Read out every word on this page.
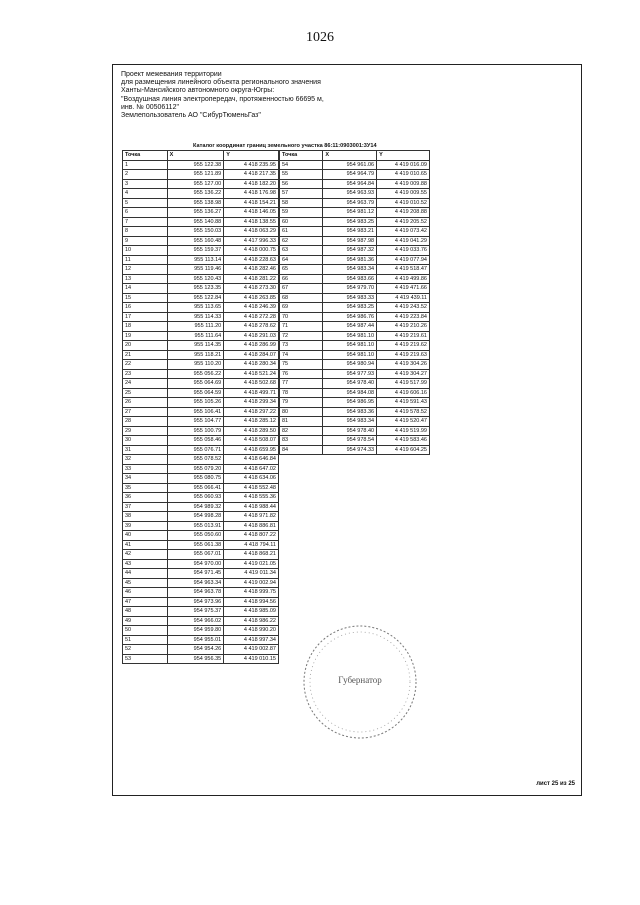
1026
Проект межевания территории
для размещения линейного объекта регионального значения
Ханты-Мансийского автономного округа-Югры:
"Воздушная линия электропередач, протяженностью 66695 м,
инв. № 00506112"
Землепользователь АО "СибурТюменьГаз"
Каталог координат границ земельного участка 86:11:0903001:3У14
Точка	X	Y
1	955 122.38	4 418 235.95
2	955 121.89	4 418 217.35
3	955 127.00	4 418 182.20
4	955 136.22	4 418 176.98
5	955 138.98	4 418 154.21
6	955 136.27	4 418 146.05
7	955 140.88	4 418 138.55
8	955 150.03	4 418 063.29
9	955 160.48	4 417 996.33
10	955 159.37	4 418 000.75
11	955 113.14	4 418 228.63
12	955 119.46	4 418 282.46
13	955 120.43	4 418 281.22
14	955 123.35	4 418 273.30
15	955 122.84	4 418 263.85
16	955 113.65	4 418 246.39
17	955 114.33	4 418 272.28
18	955 111.20	4 418 278.62
19	955 111.64	4 418 291.03
20	955 114.35	4 418 286.99
21	955 118.21	4 418 284.07
22	955 110.20	4 418 280.34
23	955 056.22	4 418 521.24
24	955 064.69	4 418 502.68
25	955 064.59	4 418 499.71
26	955 105.26	4 418 299.34
27	955 106.41	4 418 297.22
28	955 104.77	4 418 285.12
29	955 100.79	4 418 289.50
30	955 058.46	4 418 508.07
31	955 076.71	4 418 659.95
32	955 078.52	4 418 646.84
33	955 079.20	4 418 647.02
34	955 080.75	4 418 634.06
35	955 066.41	4 418 552.48
36	955 060.93	4 418 555.36
37	954 989.32	4 418 988.44
38	954 998.28	4 418 971.82
39	955 013.91	4 418 886.81
40	955 050.60	4 418 807.22
41	955 061.38	4 418 794.11
42	955 067.01	4 418 868.21
43	954 970.00	4 419 021.05
44	954 971.45	4 419 011.34
45	954 963.34	4 419 002.94
46	954 963.78	4 418 999.75
47	954 973.96	4 418 994.56
48	954 975.37	4 418 985.09
49	954 966.02	4 418 986.22
50	954 959.80	4 418 990.20
51	954 955.01	4 418 997.34
52	954 954.26	4 419 002.87
53	954 956.35	4 419 010.15
Точка	X	Y
54	954 961.06	4 419 016.09
55	954 964.79	4 419 010.65
56	954 964.84	4 419 009.88
57	954 963.93	4 419 009.55
58	954 963.79	4 419 010.52
59	954 981.12	4 419 208.88
60	954 983.25	4 419 205.52
61	954 983.21	4 419 073.42
62	954 987.98	4 419 041.29
63	954 987.32	4 419 033.76
64	954 981.36	4 419 077.94
65	954 983.34	4 419 518.47
66	954 983.66	4 419 499.86
67	954 979.70	4 419 471.66
68	954 983.33	4 419 439.11
69	954 983.25	4 419 243.52
70	954 986.76	4 419 223.84
71	954 987.44	4 419 210.26
72	954 981.10	4 419 219.61
73	954 981.10	4 419 219.62
74	954 981.10	4 419 219.63
75	954 980.94	4 419 304.26
76	954 977.93	4 419 304.27
77	954 978.40	4 419 517.99
78	954 984.08	4 419 606.16
79	954 986.95	4 419 591.43
80	954 983.36	4 419 578.52
81	954 983.34	4 419 520.47
82	954 978.40	4 419 519.99
83	954 978.54	4 419 583.46
84	954 974.33	4 419 604.25
Губернатор
лист 25 из 25
